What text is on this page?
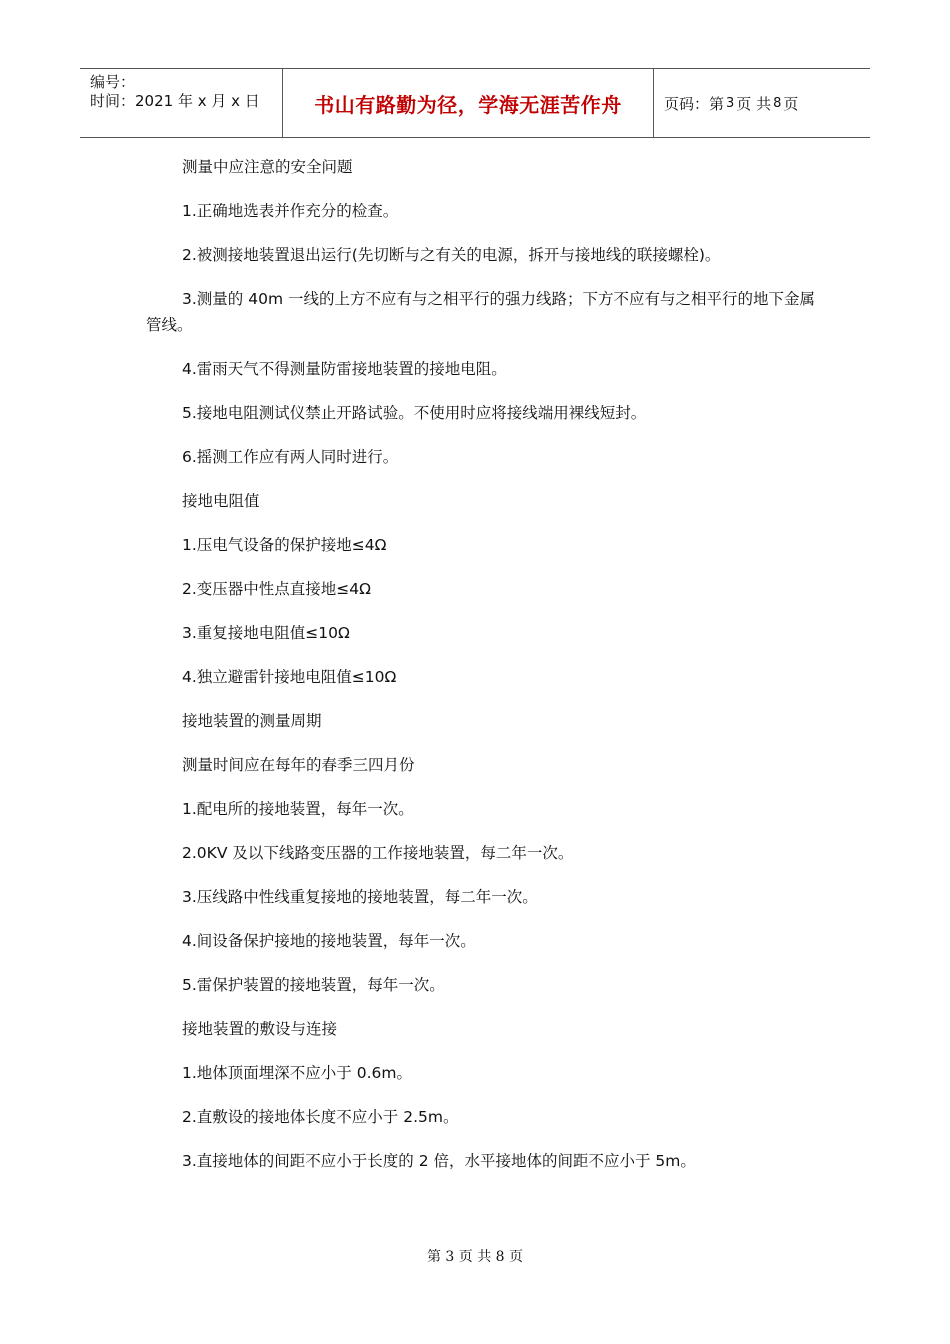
编号：
时间：2021 年 x 月 x 日	书山有路勤为径，学海无涯苦作舟	页码：第 3 页 共 8 页

测量中应注意的安全问题

1.正确地选表并作充分的检查。

2.被测接地装置退出运行(先切断与之有关的电源，拆开与接地线的联接螺栓)。

3.测量的 40m 一线的上方不应有与之相平行的强力线路；下方不应有与之相平行的地下金属管线。

4.雷雨天气不得测量防雷接地装置的接地电阻。

5.接地电阻测试仪禁止开路试验。不使用时应将接线端用裸线短封。

6.摇测工作应有两人同时进行。

接地电阻值

1.压电气设备的保护接地≤4Ω

2.变压器中性点直接地≤4Ω

3.重复接地电阻值≤10Ω

4.独立避雷针接地电阻值≤10Ω

接地装置的测量周期

测量时间应在每年的春季三四月份

1.配电所的接地装置，每年一次。

2.0KV 及以下线路变压器的工作接地装置，每二年一次。

3.压线路中性线重复接地的接地装置，每二年一次。

4.间设备保护接地的接地装置，每年一次。

5.雷保护装置的接地装置，每年一次。

接地装置的敷设与连接

1.地体顶面埋深不应小于 0.6m。

2.直敷设的接地体长度不应小于 2.5m。

3.直接地体的间距不应小于长度的 2 倍，水平接地体的间距不应小于 5m。

第 3 页 共 8 页
